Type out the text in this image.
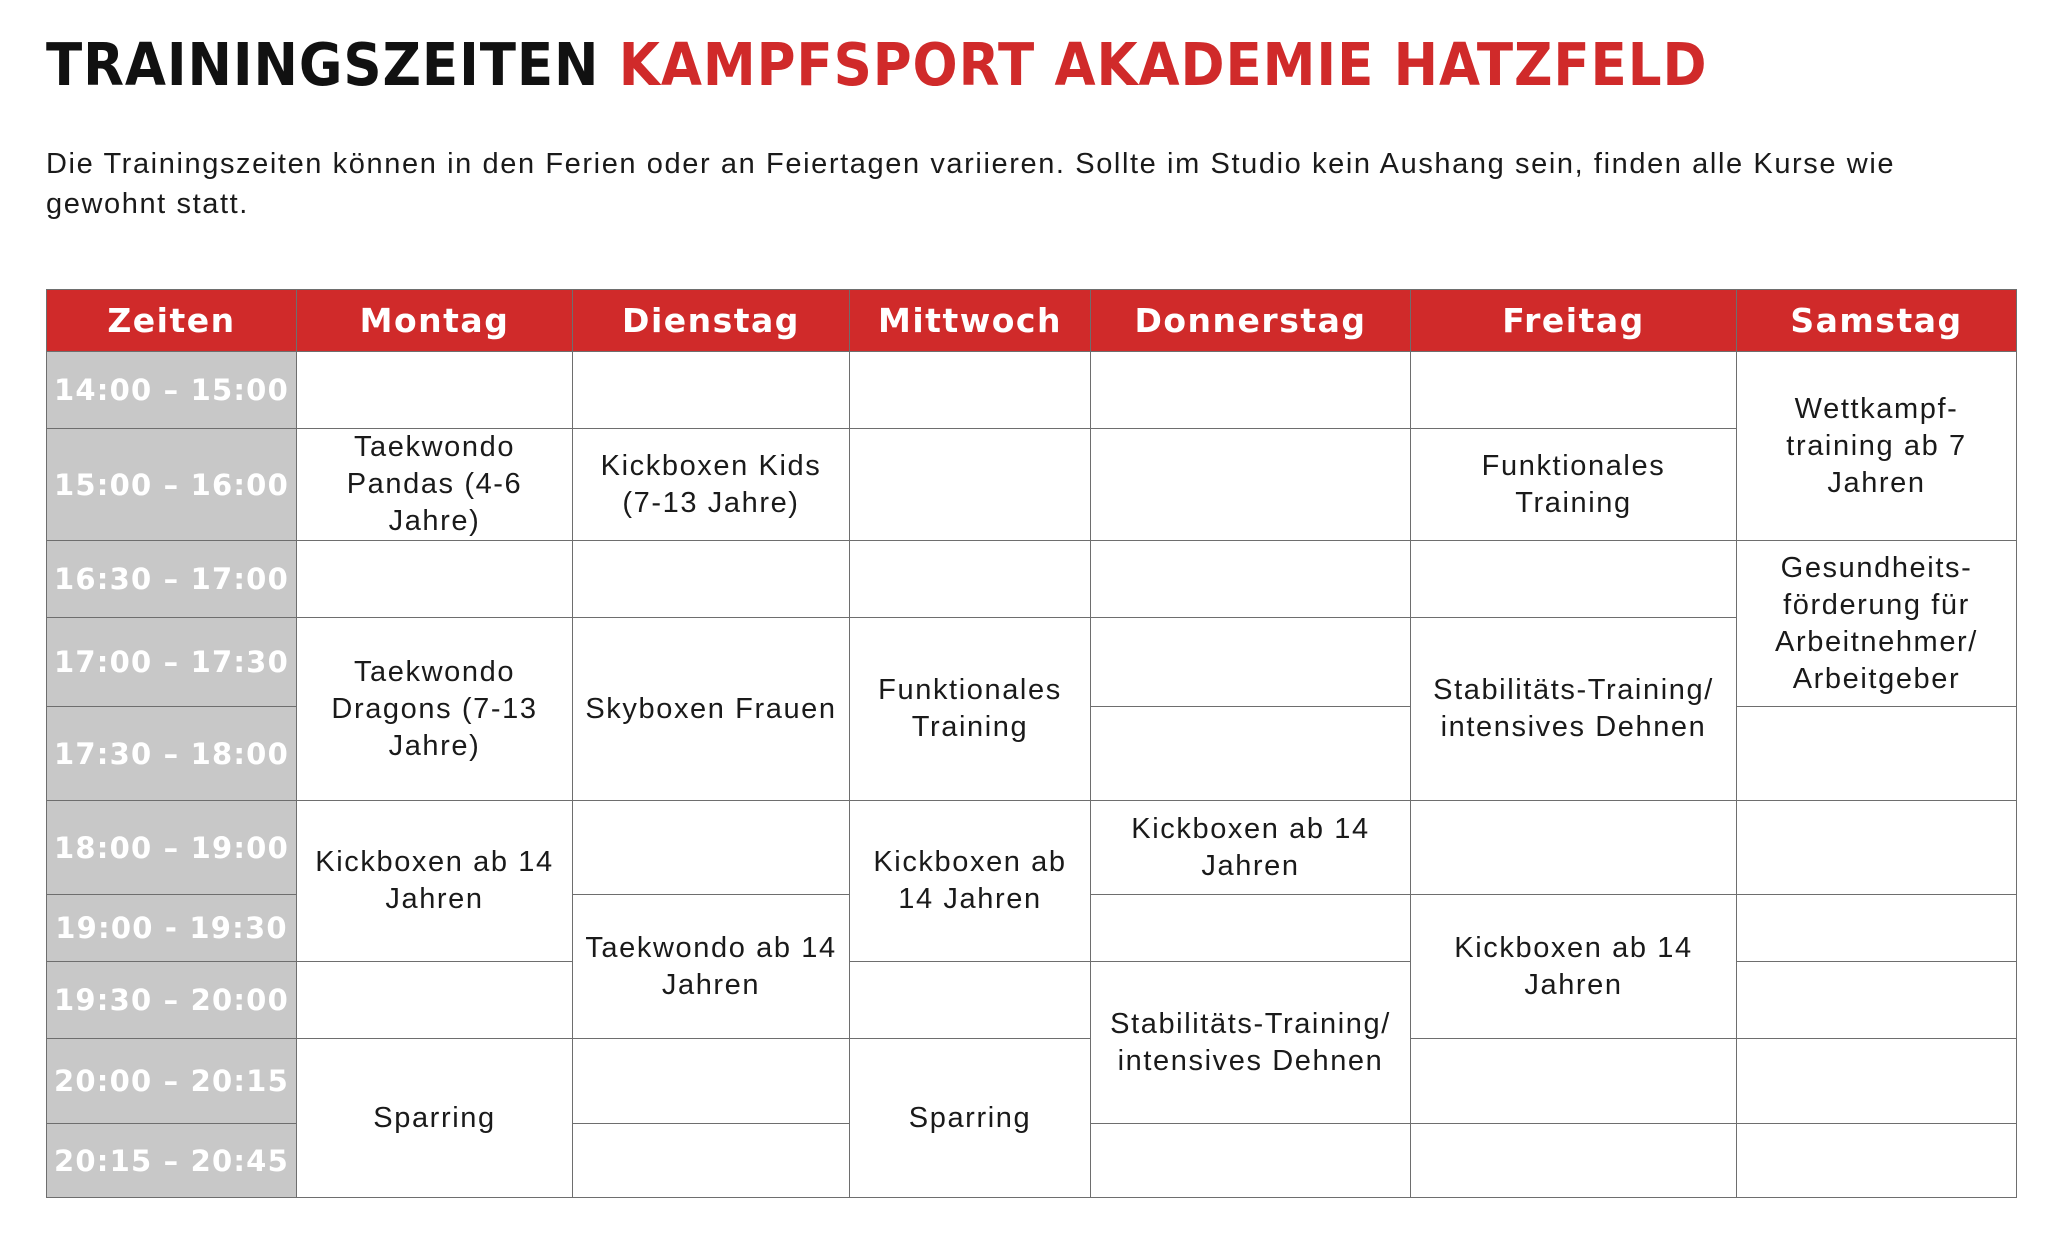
TRAININGSZEITEN KAMPFSPORT AKADEMIE HATZFELD
Die Trainingszeiten können in den Ferien oder an Feiertagen variieren. Sollte im Studio kein Aushang sein, finden alle Kurse wie gewohnt statt.
Zeiten	Montag	Dienstag	Mittwoch	Donnerstag	Freitag	Samstag
14:00 – 15:00						Wettkampf-training ab 7 Jahren
15:00 – 16:00	Taekwondo Pandas (4-6 Jahre)	Kickboxen Kids (7-13 Jahre)			Funktionales Training	
16:30 – 17:00						Gesundheits-förderung für Arbeitnehmer/ Arbeitgeber
17:00 – 17:30	Taekwondo Dragons (7-13 Jahre)	Skyboxen Frauen	Funktionales Training		Stabilitäts-Training/ intensives Dehnen	
17:30 – 18:00						
18:00 – 19:00	Kickboxen ab 14 Jahren		Kickboxen ab 14 Jahren	Kickboxen ab 14 Jahren		
19:00 - 19:30		Taekwondo ab 14 Jahren			Kickboxen ab 14 Jahren	
19:30 – 20:00				Stabilitäts-Training/ intensives Dehnen		
20:00 – 20:15	Sparring		Sparring			
20:15 – 20:45						
